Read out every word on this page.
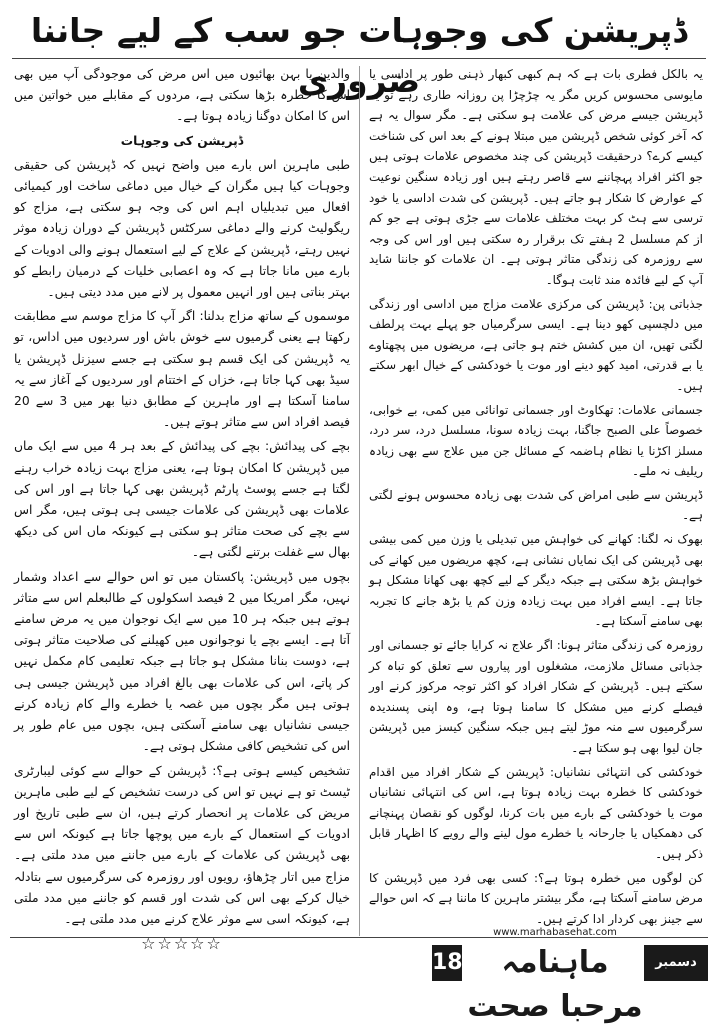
ڈپریشن کی وجوہات جو سب کے لیے جاننا ضروری

یہ بالکل فطری بات ہے کہ ہم کبھی کبھار ذہنی طور پر اداسی یا مایوسی محسوس کریں مگر یہ چڑچڑا پن روزانہ طاری رہے تو یہ ڈپریشن جیسے مرض کی علامت ہو سکتی ہے۔ مگر سوال یہ ہے کہ آخر کوئی شخص ڈپریشن میں مبتلا ہونے کے بعد اس کی شناخت کیسے کرے؟ درحقیقت ڈپریشن کی چند مخصوص علامات ہوتی ہیں جو اکثر افراد پہچاننے سے قاصر رہتے ہیں اور زیادہ سنگین نوعیت کے عوارض کا شکار ہو جاتے ہیں۔ ڈپریشن کی شدت اداسی یا خود ترسی سے ہٹ کر بہت مختلف علامات سے جڑی ہوتی ہے جو کم از کم مسلسل 2 ہفتے تک برقرار رہ سکتی ہیں اور اس کی وجہ سے روزمرہ کی زندگی متاثر ہوتی ہے۔ ان علامات کو جاننا شاید آپ کے لیے فائدہ مند ثابت ہوگا۔

جذباتی پن: ڈپریشن کی مرکزی علامت مزاج میں اداسی اور زندگی میں دلچسپی کھو دینا ہے۔ ایسی سرگرمیاں جو پہلے بہت پرلطف لگتی تھیں، ان میں کشش ختم ہو جاتی ہے، مریضوں میں پچھتاوے یا بے قدرتی، امید کھو دینے اور موت یا خودکشی کے خیال ابھر سکتے ہیں۔

جسمانی علامات: تھکاوٹ اور جسمانی توانائی میں کمی، بے خوابی، خصوصاً علی الصبح جاگنا، بہت زیادہ سونا، مسلسل درد، سر درد، مسلز اکڑنا یا نظام ہاضمہ کے مسائل جن میں علاج سے بھی زیادہ ریلیف نہ ملے۔

ڈپریشن سے طبی امراض کی شدت بھی زیادہ محسوس ہونے لگتی ہے۔

بھوک نہ لگنا: کھانے کی خواہش میں تبدیلی یا وزن میں کمی بیشی بھی ڈپریشن کی ایک نمایاں نشانی ہے، کچھ مریضوں میں کھانے کی خواہش بڑھ سکتی ہے جبکہ دیگر کے لیے کچھ بھی کھانا مشکل ہو جاتا ہے۔ ایسے افراد میں بہت زیادہ وزن کم یا بڑھ جانے کا تجربہ بھی سامنے آسکتا ہے۔

روزمرہ کی زندگی متاثر ہونا: اگر علاج نہ کرایا جائے تو جسمانی اور جذباتی مسائل ملازمت، مشغلوں اور پیاروں سے تعلق کو تباہ کر سکتے ہیں۔ ڈپریشن کے شکار افراد کو اکثر توجہ مرکوز کرنے اور فیصلے کرنے میں مشکل کا سامنا ہوتا ہے، وہ اپنی پسندیدہ سرگرمیوں سے منہ موڑ لیتے ہیں جبکہ سنگین کیسز میں ڈپریشن جان لیوا بھی ہو سکتا ہے۔

خودکشی کی انتہائی نشانیاں: ڈپریشن کے شکار افراد میں اقدام خودکشی کا خطرہ بہت زیادہ ہوتا ہے، اس کی انتہائی نشانیاں موت یا خودکشی کے بارے میں بات کرنا، لوگوں کو نقصان پہنچانے کی دھمکیاں یا جارحانہ یا خطرے مول لینے والے رویے کا اظہار قابل ذکر ہیں۔

کن لوگوں میں خطرہ ہوتا ہے؟: کسی بھی فرد میں ڈپریشن کا مرض سامنے آسکتا ہے، مگر بیشتر ماہرین کا ماننا ہے کہ اس حوالے سے جینز بھی کردار ادا کرتے ہیں۔

والدین یا بہن بھائیوں میں اس مرض کی موجودگی آپ میں بھی اس کا خطرہ بڑھا سکتی ہے، مردوں کے مقابلے میں خواتین میں اس کا امکان دوگنا زیادہ ہوتا ہے۔

ڈپریشن کی وجوہات

طبی ماہرین اس بارے میں واضح نہیں کہ ڈپریشن کی حقیقی وجوہات کیا ہیں مگران کے خیال میں دماغی ساخت اور کیمیائی افعال میں تبدیلیاں اہم اس کی وجہ ہو سکتی ہے، مزاج کو ریگولیٹ کرنے والے دماغی سرکٹس ڈپریشن کے دوران زیادہ موثر نہیں رہتے، ڈپریشن کے علاج کے لیے استعمال ہونے والی ادویات کے بارے میں مانا جاتا ہے کہ وہ اعصابی خلیات کے درمیان رابطے کو بہتر بناتی ہیں اور انہیں معمول پر لانے میں مدد دیتی ہیں۔

موسموں کے ساتھ مزاج بدلنا: اگر آپ کا مزاج موسم سے مطابقت رکھتا ہے یعنی گرمیوں سے خوش باش اور سردیوں میں اداس، تو یہ ڈپریشن کی ایک قسم ہو سکتی ہے جسے سیزنل ڈپریشن یا سیڈ بھی کہا جاتا ہے، خزاں کے اختتام اور سردیوں کے آغاز سے یہ سامنا آسکتا ہے اور ماہرین کے مطابق دنیا بھر میں 3 سے 20 فیصد افراد اس سے متاثر ہوتے ہیں۔

بچے کی پیدائش: بچے کی پیدائش کے بعد ہر 4 میں سے ایک ماں میں ڈپریشن کا امکان ہوتا ہے، یعنی مزاج بہت زیادہ خراب رہنے لگتا ہے جسے پوسٹ پارٹم ڈپریشن بھی کہا جاتا ہے اور اس کی علامات بھی ڈپریشن کی علامات جیسی ہی ہوتی ہیں، مگر اس سے بچے کی صحت متاثر ہو سکتی ہے کیونکہ ماں اس کی دیکھ بھال سے غفلت برتنے لگتی ہے۔

بچوں میں ڈپریشن: پاکستان میں تو اس حوالے سے اعداد وشمار نہیں، مگر امریکا میں 2 فیصد اسکولوں کے طالبعلم اس سے متاثر ہوتے ہیں جبکہ ہر 10 میں سے ایک نوجوان میں یہ مرض سامنے آتا ہے۔ ایسے بچے یا نوجوانوں میں کھیلنے کی صلاحیت متاثر ہوتی ہے، دوست بنانا مشکل ہو جاتا ہے جبکہ تعلیمی کام مکمل نہیں کر پاتے، اس کی علامات بھی بالغ افراد میں ڈپریشن جیسی ہی ہوتی ہیں مگر بچوں میں غصہ یا خطرے والے کام زیادہ کرنے جیسی نشانیاں بھی سامنے آسکتی ہیں، بچوں میں عام طور پر اس کی تشخیص کافی مشکل ہوتی ہے۔

تشخیص کیسے ہوتی ہے؟: ڈپریشن کے حوالے سے کوئی لیبارٹری ٹیسٹ تو ہے نہیں تو اس کی درست تشخیص کے لیے طبی ماہرین مریض کی علامات پر انحصار کرتے ہیں، ان سے طبی تاریخ اور ادویات کے استعمال کے بارے میں پوچھا جاتا ہے کیونکہ اس سے بھی ڈپریشن کی علامات کے بارے میں جاننے میں مدد ملتی ہے۔ مزاج میں اتار چڑھاؤ، رویوں اور روزمرہ کی سرگرمیوں سے بتادلہ خیال کرکے بھی اس کی شدت اور قسم کو جاننے میں مدد ملتی ہے، کیونکہ اسی سے موثر علاج کرنے میں مدد ملتی ہے۔

☆☆☆☆☆

18
www.marhabasehat.com
ماہنامہ مرحبا صحت
دسمبر 2019ء
